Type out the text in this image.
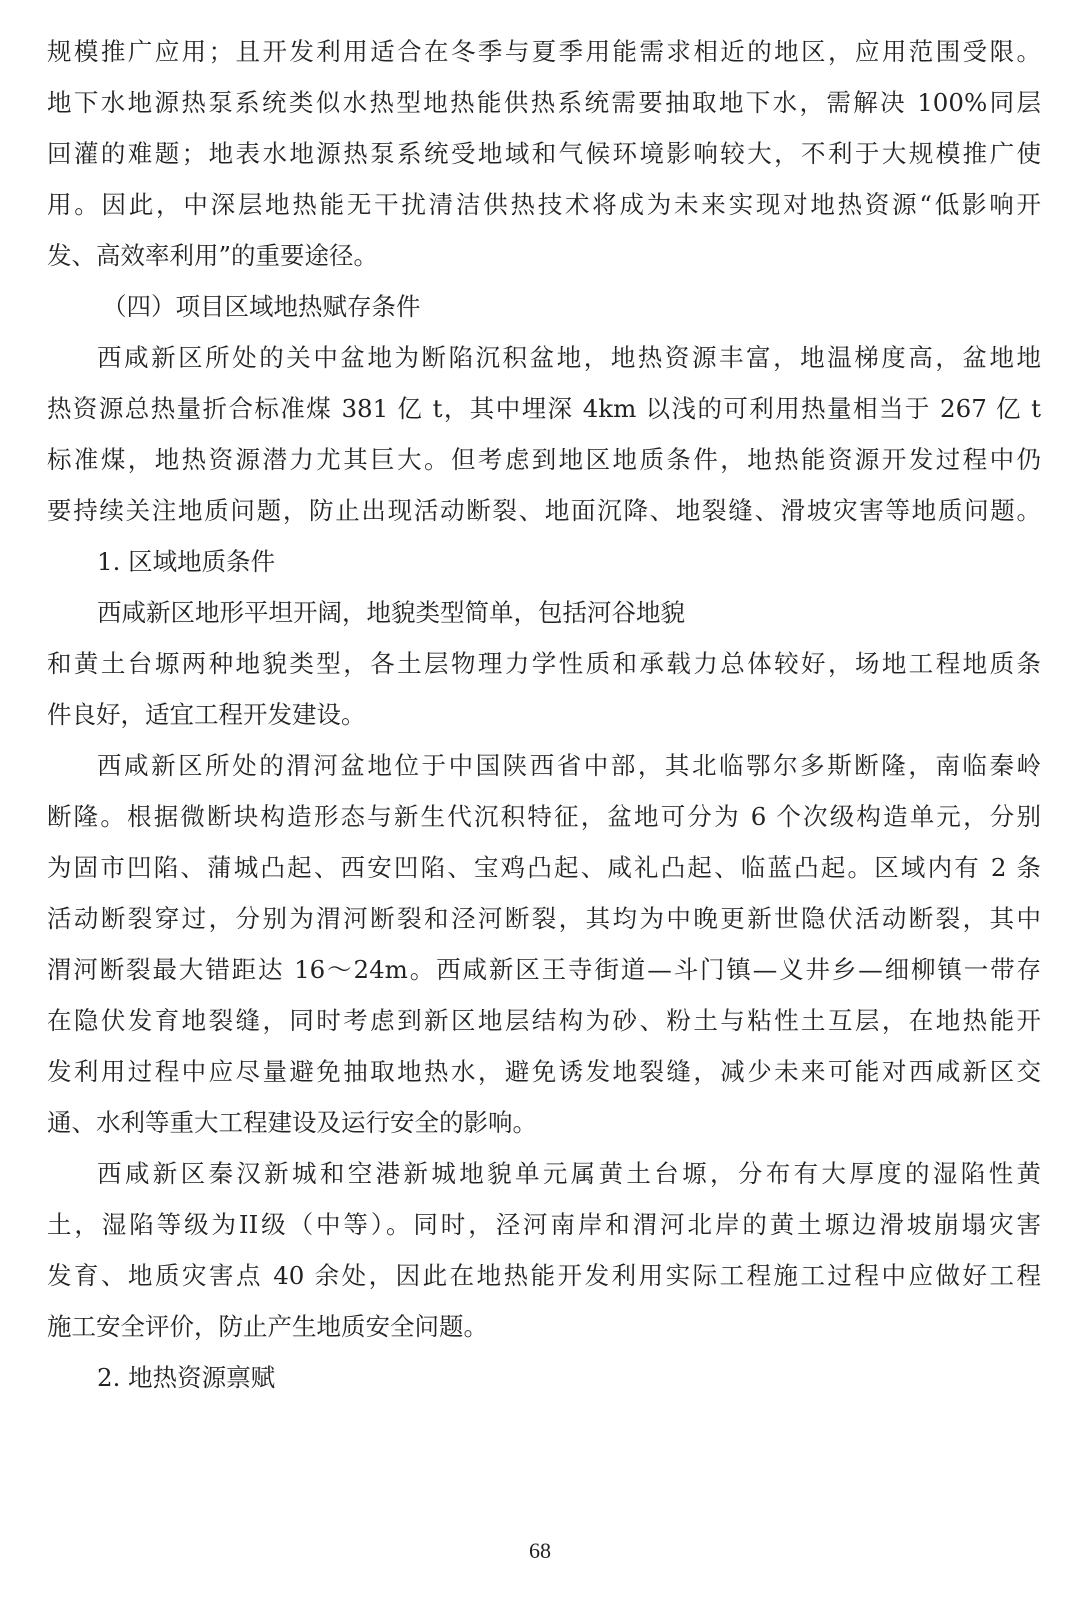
规模推广应用；且开发利用适合在冬季与夏季用能需求相近的地区，应用范围受限。
地下水地源热泵系统类似水热型地热能供热系统需要抽取地下水，需解决 100%同层
回灌的难题；地表水地源热泵系统受地域和气候环境影响较大，不利于大规模推广使
用。因此，中深层地热能无干扰清洁供热技术将成为未来实现对地热资源“低影响开
发、高效率利用”的重要途径。
（四）项目区域地热赋存条件
西咸新区所处的关中盆地为断陷沉积盆地，地热资源丰富，地温梯度高，盆地地
热资源总热量折合标准煤 381 亿 t，其中埋深 4km 以浅的可利用热量相当于 267 亿 t
标准煤，地热资源潜力尤其巨大。但考虑到地区地质条件，地热能资源开发过程中仍
要持续关注地质问题，防止出现活动断裂、地面沉降、地裂缝、滑坡灾害等地质问题。
1. 区域地质条件
西咸新区地形平坦开阔，地貌类型简单，包括河谷地貌
和黄土台塬两种地貌类型，各土层物理力学性质和承载力总体较好，场地工程地质条
件良好，适宜工程开发建设。
西咸新区所处的渭河盆地位于中国陕西省中部，其北临鄂尔多斯断隆，南临秦岭
断隆。根据微断块构造形态与新生代沉积特征，盆地可分为 6 个次级构造单元，分别
为固市凹陷、蒲城凸起、西安凹陷、宝鸡凸起、咸礼凸起、临蓝凸起。区域内有 2 条
活动断裂穿过，分别为渭河断裂和泾河断裂，其均为中晚更新世隐伏活动断裂，其中
渭河断裂最大错距达 16～24m。西咸新区王寺街道—斗门镇—义井乡—细柳镇一带存
在隐伏发育地裂缝，同时考虑到新区地层结构为砂、粉土与粘性土互层，在地热能开
发利用过程中应尽量避免抽取地热水，避免诱发地裂缝，减少未来可能对西咸新区交
通、水利等重大工程建设及运行安全的影响。
西咸新区秦汉新城和空港新城地貌单元属黄土台塬，分布有大厚度的湿陷性黄
土，湿陷等级为II级（中等）。同时，泾河南岸和渭河北岸的黄土塬边滑坡崩塌灾害
发育、地质灾害点 40 余处，因此在地热能开发利用实际工程施工过程中应做好工程
施工安全评价，防止产生地质安全问题。
2. 地热资源禀赋
68
